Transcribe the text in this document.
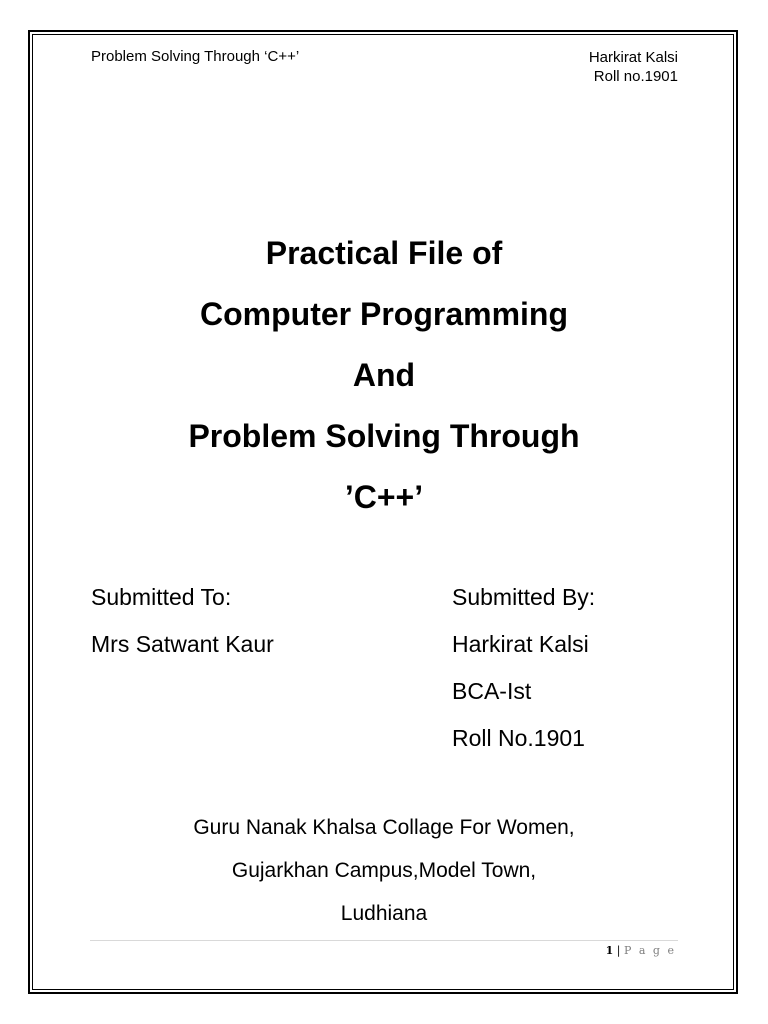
Problem Solving Through ‘C++’	Harkirat Kalsi
Roll no.1901
Practical File of
Computer Programming
And
Problem Solving Through
’C++’
Submitted To:
Mrs Satwant Kaur
Submitted By:
Harkirat Kalsi
BCA-Ist
Roll No.1901
Guru Nanak Khalsa Collage For Women,
Gujarkhan Campus,Model Town,
Ludhiana
1 | P a g e
